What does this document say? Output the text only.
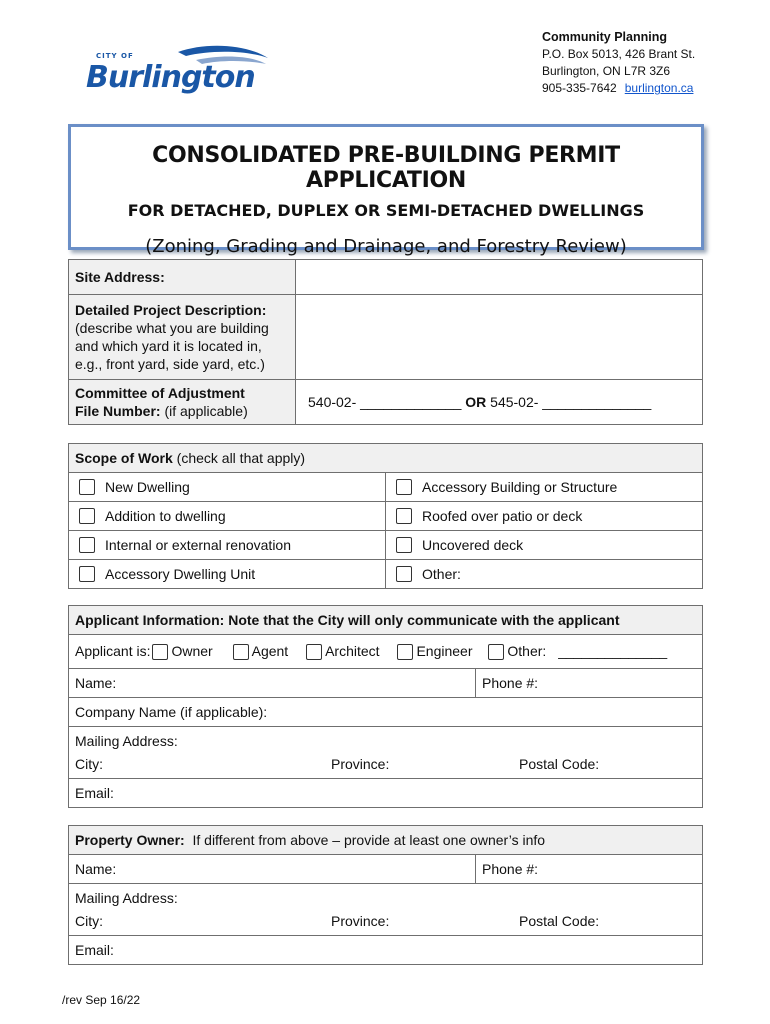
CITY OF
Burlington
Community Planning
P.O. Box 5013, 426 Brant St.
Burlington, ON L7R 3Z6
905-335-7642 burlington.ca
CONSOLIDATED PRE-BUILDING PERMIT APPLICATION
FOR DETACHED, DUPLEX OR SEMI-DETACHED DWELLINGS
(Zoning, Grading and Drainage, and Forestry Review)
Site Address:	
Detailed Project Description:
(describe what you are building and which yard it is located in, e.g., front yard, side yard, etc.)	
Committee of Adjustment
File Number: (if applicable)	540-02- _____________ OR 545-02- ______________
Scope of Work (check all that apply)	

New Dwelling	Accessory Building or Structure

Addition to dwelling	Roofed over patio or deck

Internal or external renovation	Uncovered deck

Accessory Dwelling Unit	Other:
Applicant Information: Note that the City will only communicate with the applicant
Applicant is: Owner	Agent	Architect	Engineer Other: ______________
Name:	Phone #:
Company Name (if applicable):

Mailing Address:
City:	Province:	Postal Code:

Email:
Property Owner: If different from above – provide at least one owner’s info
Name:	Phone #:

Mailing Address:
City:	Province:	Postal Code:

Email:
/rev Sep 16/22
